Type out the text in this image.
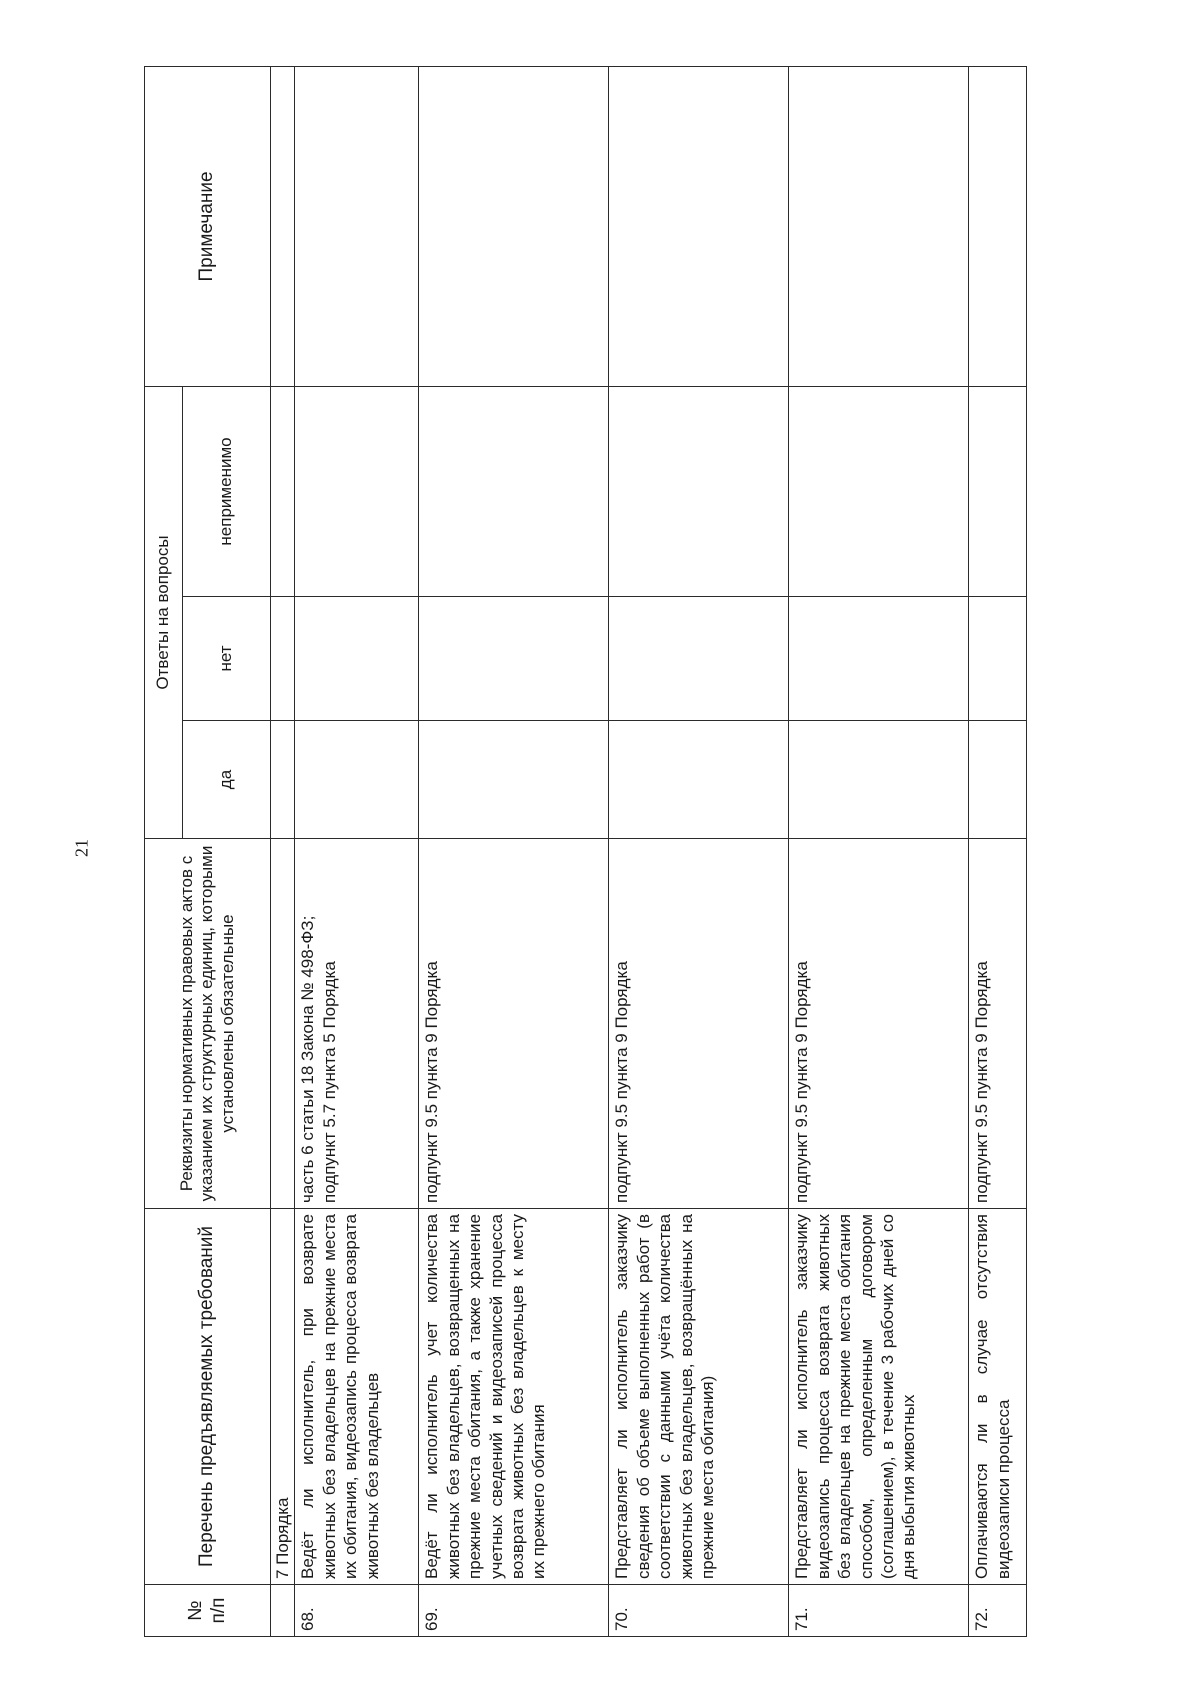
21
№ п/п	Перечень предъявляемых требований	Реквизиты нормативных правовых актов с указанием их структурных единиц, которыми установлены обязательные	Ответы на вопросы			Примечание
			да	нет	неприменимо	
	7 Порядка					
68.	Ведёт ли исполнитель, при возврате животных без владельцев на прежние места их обитания, видеозапись процесса возврата животных без владельцев	часть 6 статьи 18 Закона № 498-ФЗ; подпункт 5.7 пункта 5 Порядка				

69.	Ведёт ли исполнитель учет количества животных без владельцев, возвращенных на прежние места обитания, а также хранение учетных сведений и видеозаписей процесса возврата животных без владельцев к месту их прежнего обитания	подпункт 9.5 пункта 9 Порядка				

70.	Представляет ли исполнитель заказчику сведения об объеме выполненных работ (в соответствии с данными учёта количества животных без владельцев, возвращённых на прежние места обитания)	подпункт 9.5 пункта 9 Порядка				

71.	Представляет ли исполнитель заказчику видеозапись процесса возврата животных без владельцев на прежние места обитания способом, определенным договором (соглашением), в течение 3 рабочих дней со дня выбытия животных	подпункт 9.5 пункта 9 Порядка				

72.	Оплачиваются ли в случае отсутствия видеозаписи процесса	подпункт 9.5 пункта 9 Порядка				
